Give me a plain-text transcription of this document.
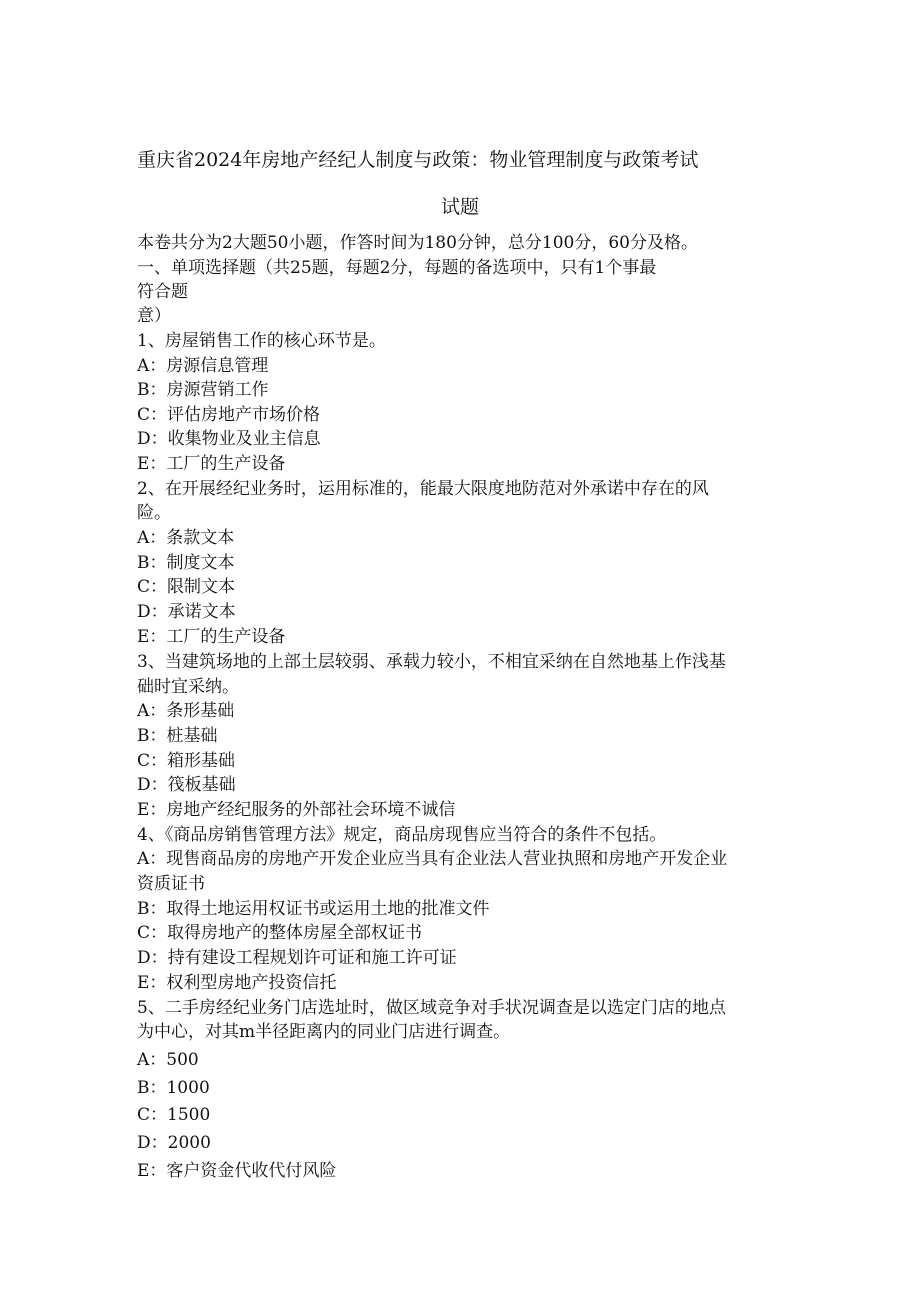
重庆省2024年房地产经纪人制度与政策：物业管理制度与政策考试
试题
本卷共分为2大题50小题，作答时间为180分钟，总分100分，60分及格。
一、单项选择题（共25题，每题2分，每题的备选项中，只有1个事最
符合题
意）
1、房屋销售工作的核心环节是。
A：房源信息管理
B：房源营销工作
C：评估房地产市场价格
D：收集物业及业主信息
E：工厂的生产设备
2、在开展经纪业务时，运用标准的，能最大限度地防范对外承诺中存在的风
险。
A：条款文本
B：制度文本
C：限制文本
D：承诺文本
E：工厂的生产设备
3、当建筑场地的上部土层较弱、承载力较小，不相宜采纳在自然地基上作浅基
础时宜采纳。
A：条形基础
B：桩基础
C：箱形基础
D：筏板基础
E：房地产经纪服务的外部社会环境不诚信
4、《商品房销售管理方法》规定，商品房现售应当符合的条件不包括。
A：现售商品房的房地产开发企业应当具有企业法人营业执照和房地产开发企业
资质证书
B：取得土地运用权证书或运用土地的批准文件
C：取得房地产的整体房屋全部权证书
D：持有建设工程规划许可证和施工许可证
E：权利型房地产投资信托
5、二手房经纪业务门店选址时，做区域竞争对手状况调查是以选定门店的地点
为中心，对其m半径距离内的同业门店进行调查。
A：500
B：1000
C：1500
D：2000
E：客户资金代收代付风险
